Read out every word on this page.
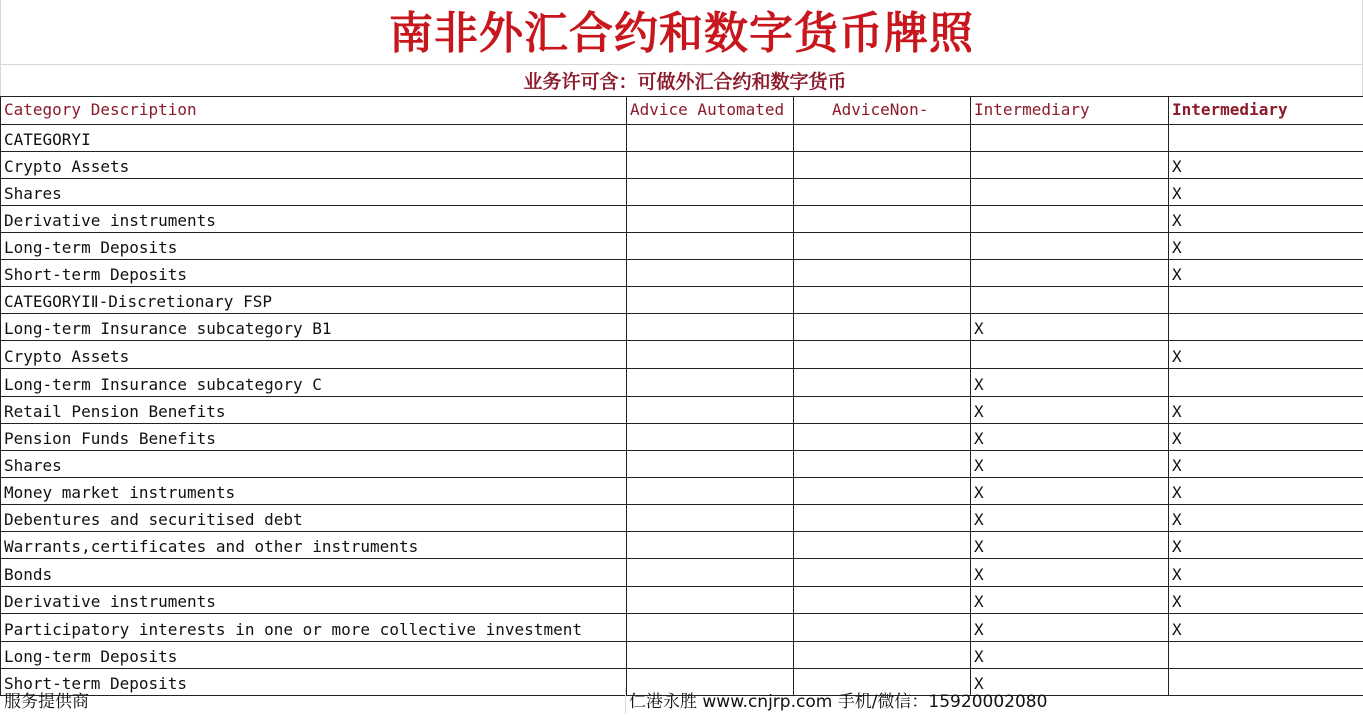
南非外汇合约和数字货币牌照
业务许可含：可做外汇合约和数字货币
Category Description	Advice Automated	AdviceNon-	Intermediary	Intermediary
CATEGORYI				
Crypto Assets				X
Shares				X
Derivative instruments				X
Long-term Deposits				X
Short-term Deposits				X
CATEGORYIⅡ-Discretionary FSP				
Long-term Insurance subcategory B1			X	
Crypto Assets				X
Long-term Insurance subcategory C			X	
Retail Pension Benefits			X	X
Pension Funds Benefits			X	X
Shares			X	X
Money market instruments			X	X
Debentures and securitised debt			X	X
Warrants,certificates and other instruments			X	X
Bonds			X	X
Derivative instruments			X	X
Participatory interests in one or more collective investment			X	X
Long-term Deposits			X	
Short-term Deposits			X	
服务提供商	仁港永胜 www.cnjrp.com 手机/微信：15920002080
